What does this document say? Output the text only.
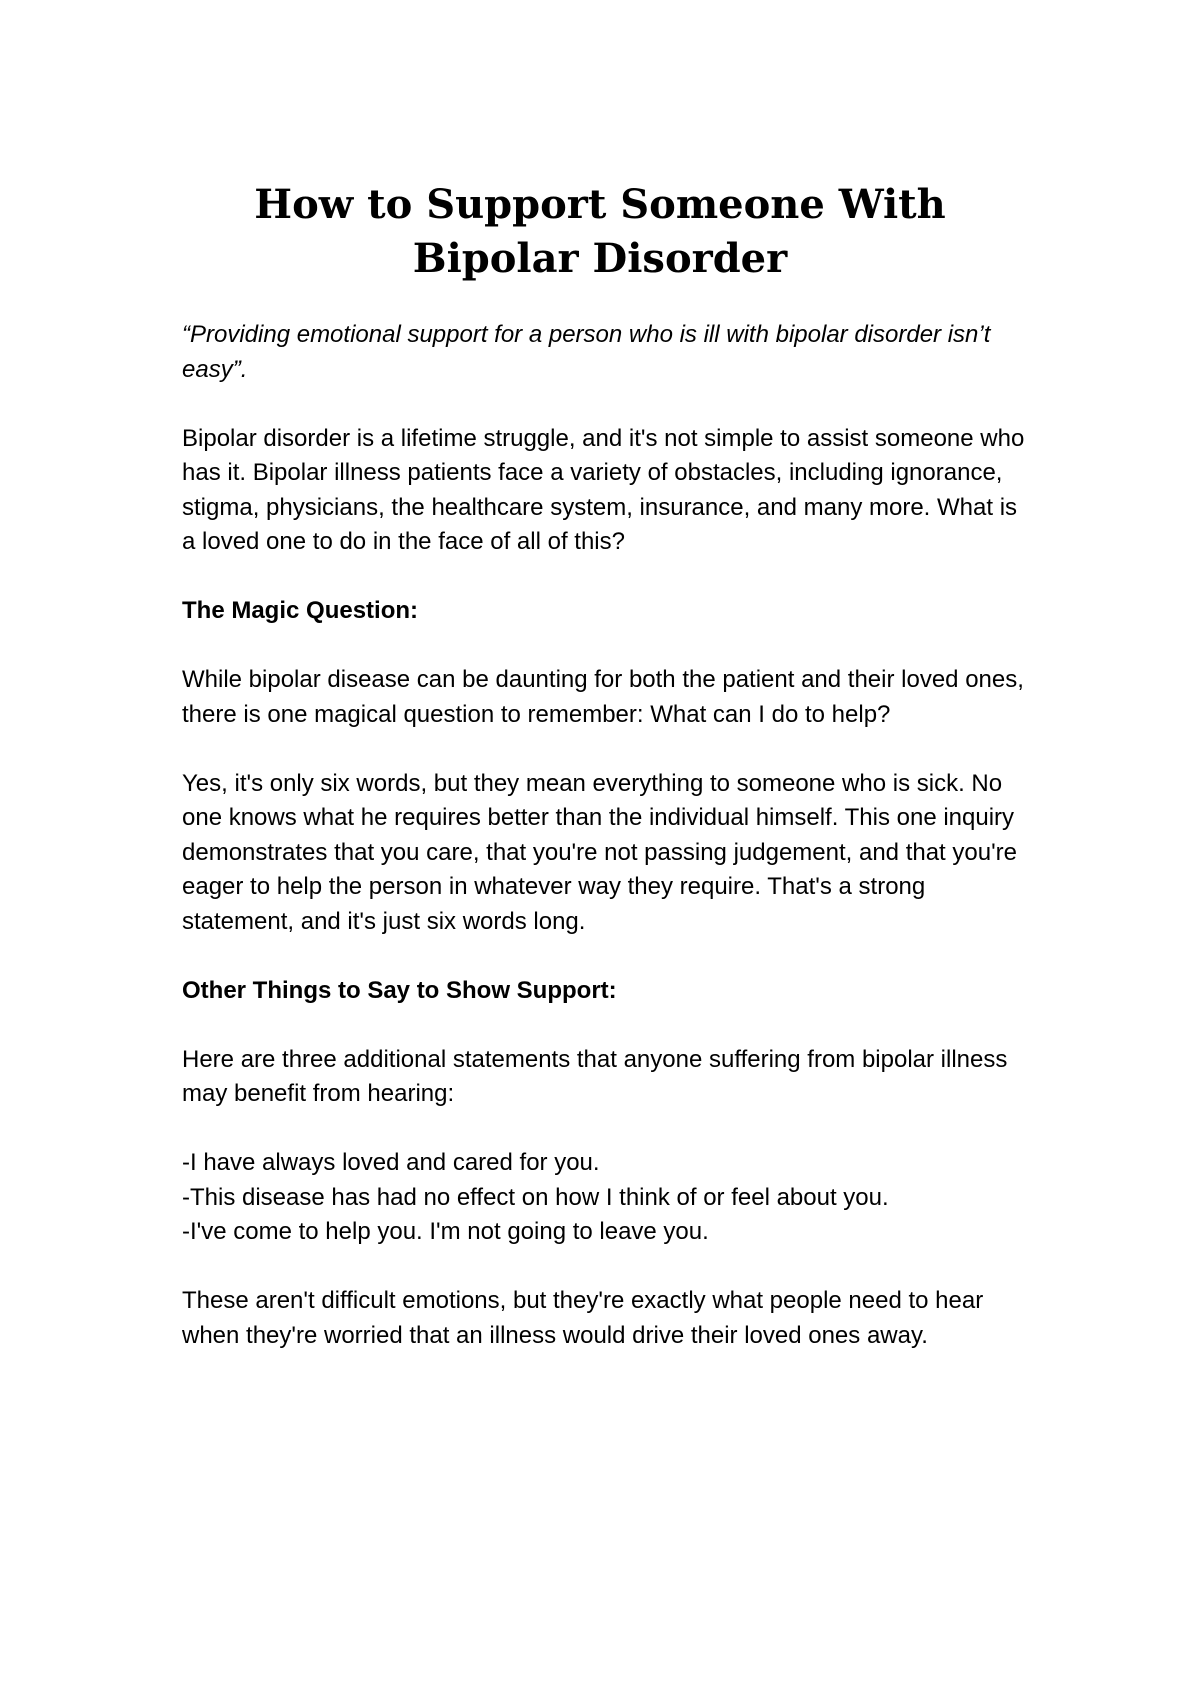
How to Support Someone With
Bipolar Disorder

“Providing emotional support for a person who is ill with bipolar disorder isn’t easy”.

Bipolar disorder is a lifetime struggle, and it's not simple to assist someone who has it. Bipolar illness patients face a variety of obstacles, including ignorance, stigma, physicians, the healthcare system, insurance, and many more. What is a loved one to do in the face of all of this?

The Magic Question:

While bipolar disease can be daunting for both the patient and their loved ones, there is one magical question to remember: What can I do to help?

Yes, it's only six words, but they mean everything to someone who is sick. No one knows what he requires better than the individual himself. This one inquiry demonstrates that you care, that you're not passing judgement, and that you're eager to help the person in whatever way they require. That's a strong statement, and it's just six words long.

Other Things to Say to Show Support:

Here are three additional statements that anyone suffering from bipolar illness may benefit from hearing:

-I have always loved and cared for you.
-This disease has had no effect on how I think of or feel about you.
-I've come to help you. I'm not going to leave you.

These aren't difficult emotions, but they're exactly what people need to hear when they're worried that an illness would drive their loved ones away.
